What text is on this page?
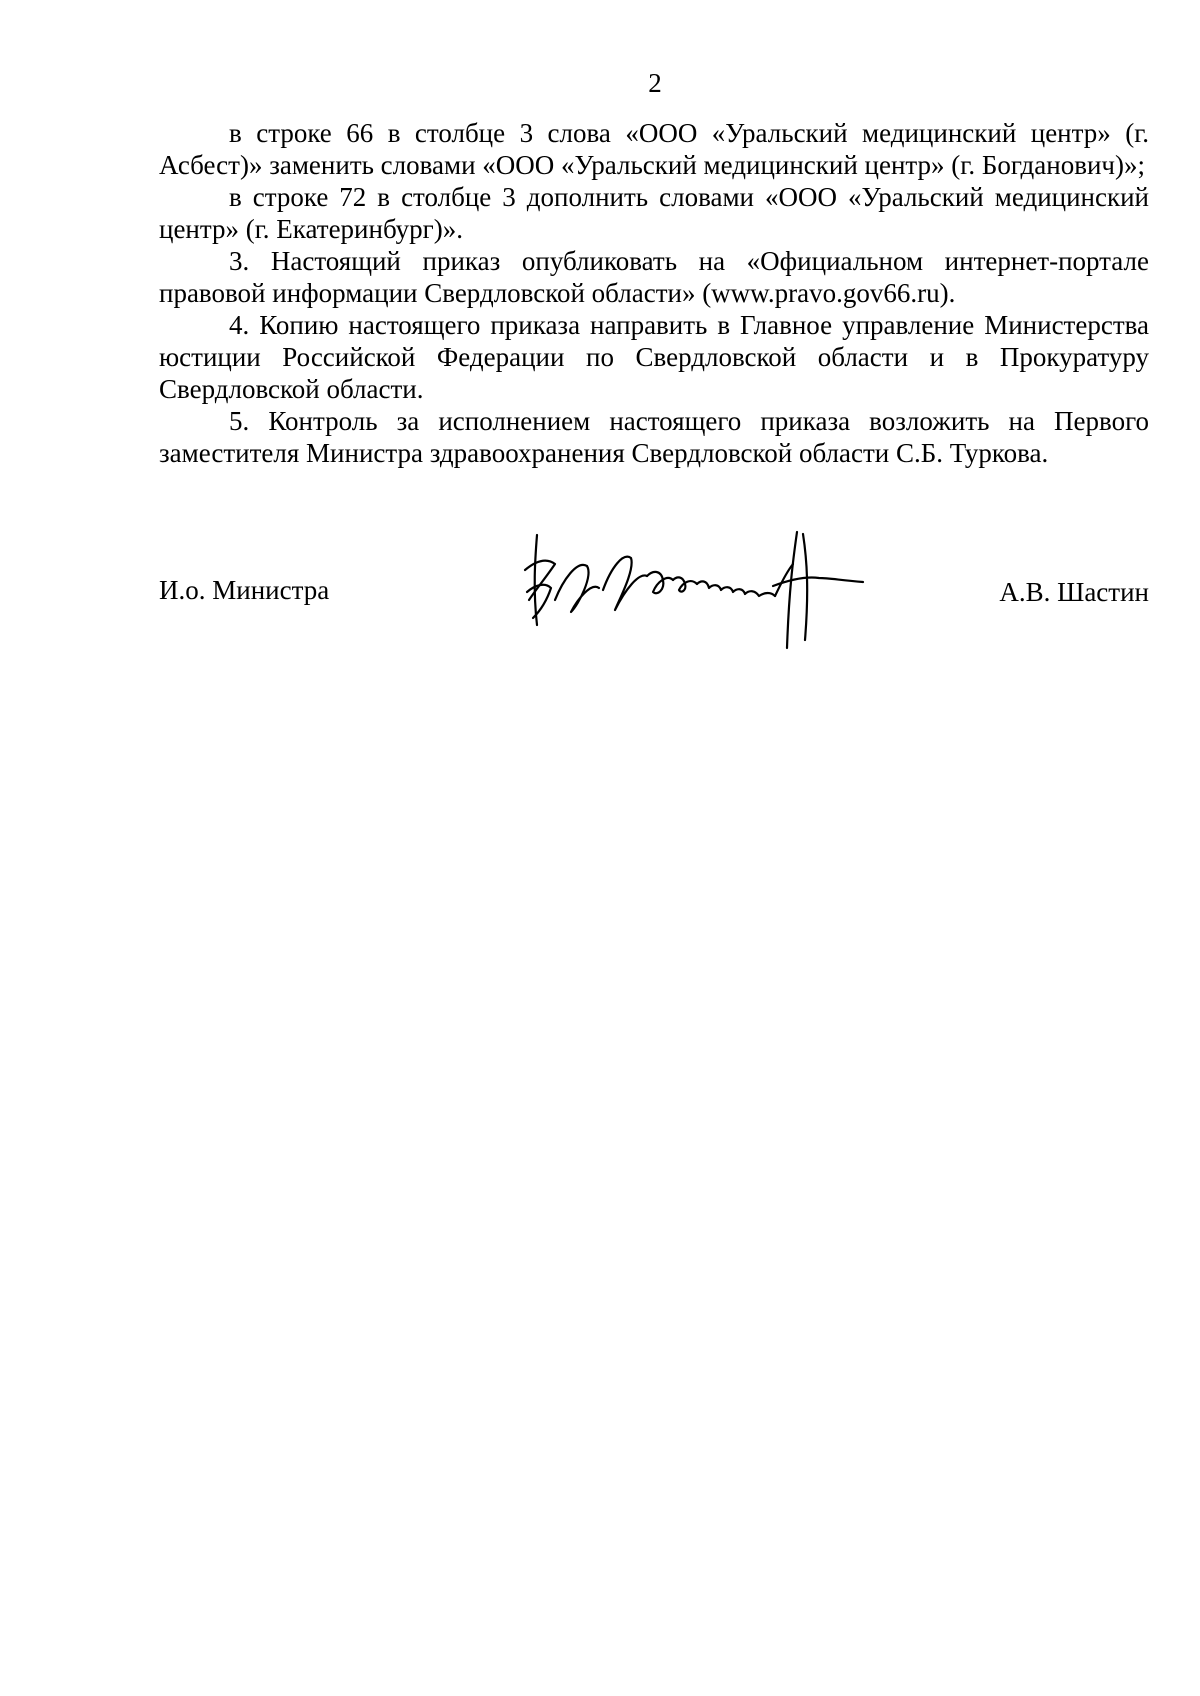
2

в строке 66 в столбце 3 слова «ООО «Уральский медицинский центр» (г. Асбест)» заменить словами «ООО «Уральский медицинский центр» (г. Богданович)»;

в строке 72 в столбце 3 дополнить словами «ООО «Уральский медицинский центр» (г. Екатеринбург)».

3. Настоящий приказ опубликовать на «Официальном интернет-портале правовой информации Свердловской области» (www.pravo.gov66.ru).

4. Копию настоящего приказа направить в Главное управление Министерства юстиции Российской Федерации по Свердловской области и в Прокуратуру Свердловской области.

5. Контроль за исполнением настоящего приказа возложить на Первого заместителя Министра здравоохранения Свердловской области С.Б. Туркова.

И.о. Министра	А.В. Шастин
